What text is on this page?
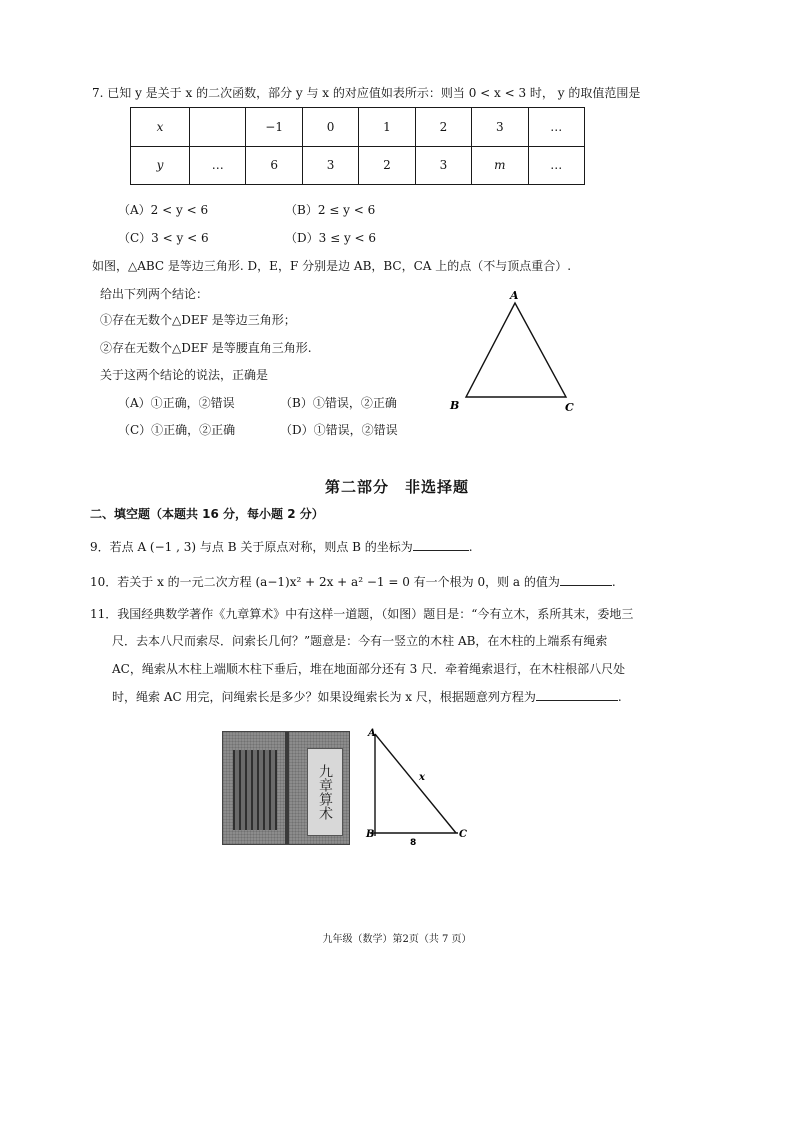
7. 已知 y 是关于 x 的二次函数，部分 y 与 x 的对应值如表所示：则当 0 < x < 3 时， y 的取值范围是
x		−1	0	1	2	3	…
y	…	6	3	2	3	m	…
（A）2 < y < 6	（B）2 ≤ y < 6
（C）3 < y < 6	（D）3 ≤ y < 6
如图，△ABC 是等边三角形. D，E，F 分别是边 AB，BC，CA 上的点（不与顶点重合）.
给出下列两个结论：
①存在无数个△DEF 是等边三角形；
②存在无数个△DEF 是等腰直角三角形.
关于这两个结论的说法，正确是
（A）①正确，②错误	（B）①错误，②正确
（C）①正确，②正确	（D）①错误，②错误
A
B	C
第二部分　非选择题
二、填空题（本题共 16 分，每小题 2 分）
9．若点 A (−1 , 3) 与点 B 关于原点对称，则点 B 的坐标为	.
10．若关于 x 的一元二次方程 (a−1)x² + 2x + a² −1 = 0 有一个根为 0，则 a 的值为	.
11．我国经典数学著作《九章算术》中有这样一道题，（如图）题目是：“今有立木，系所其末，委地三
尺．去本八尺而索尽．问索长几何？”题意是：今有一竖立的木柱 AB，在木柱的上端系有绳索
AC，绳索从木柱上端顺木柱下垂后，堆在地面部分还有 3 尺．牵着绳索退行，在木柱根部八尺处
时，绳索 AC 用完，问绳索长是多少？如果设绳索长为 x 尺，根据题意列方程为	.
九章算术
A
B	C
x
8
九年级（数学）第2页（共 7 页）
